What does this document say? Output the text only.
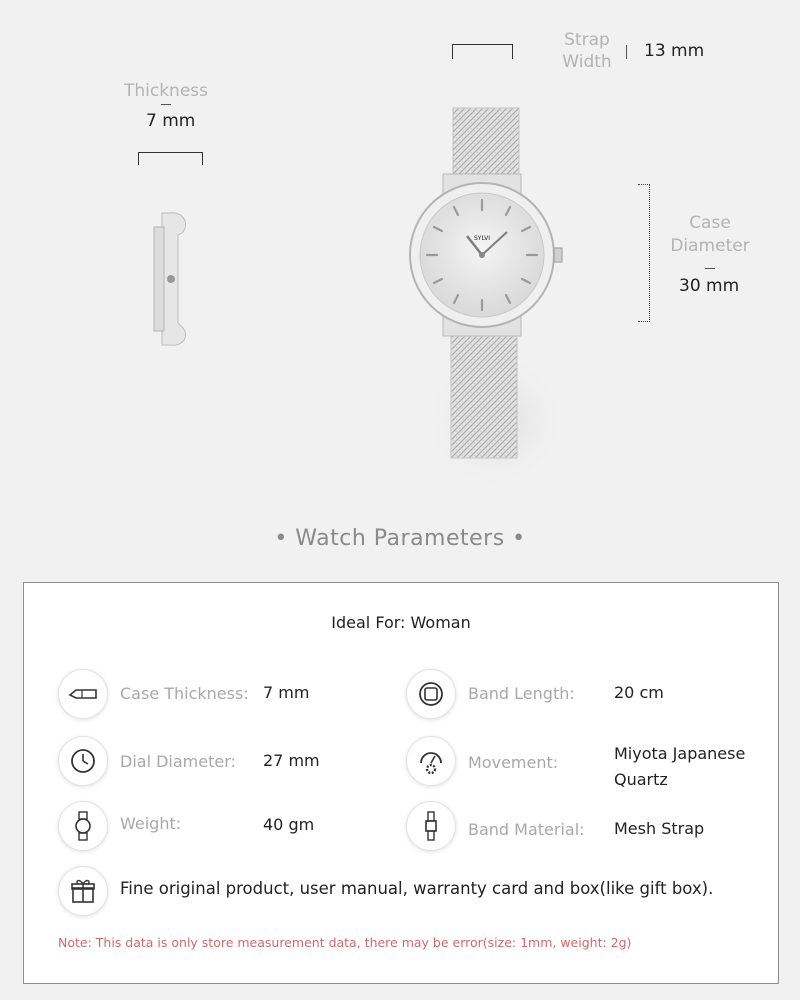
Thickness
7 mm
Strap
Width
13 mm
SYLVI
Case
Diameter
30 mm
• Watch Parameters •
Ideal For: Woman
Case Thickness: 7 mm	Band Length: 20 cm
Dial Diameter: 27 mm	Movement:	Miyota Japanese
Quartz
Weight:	40 gm	Band Material: Mesh Strap
Fine original product, user manual, warranty card and box(like gift box).
Note: This data is only store measurement data, there may be error(size: 1mm, weight: 2g)
